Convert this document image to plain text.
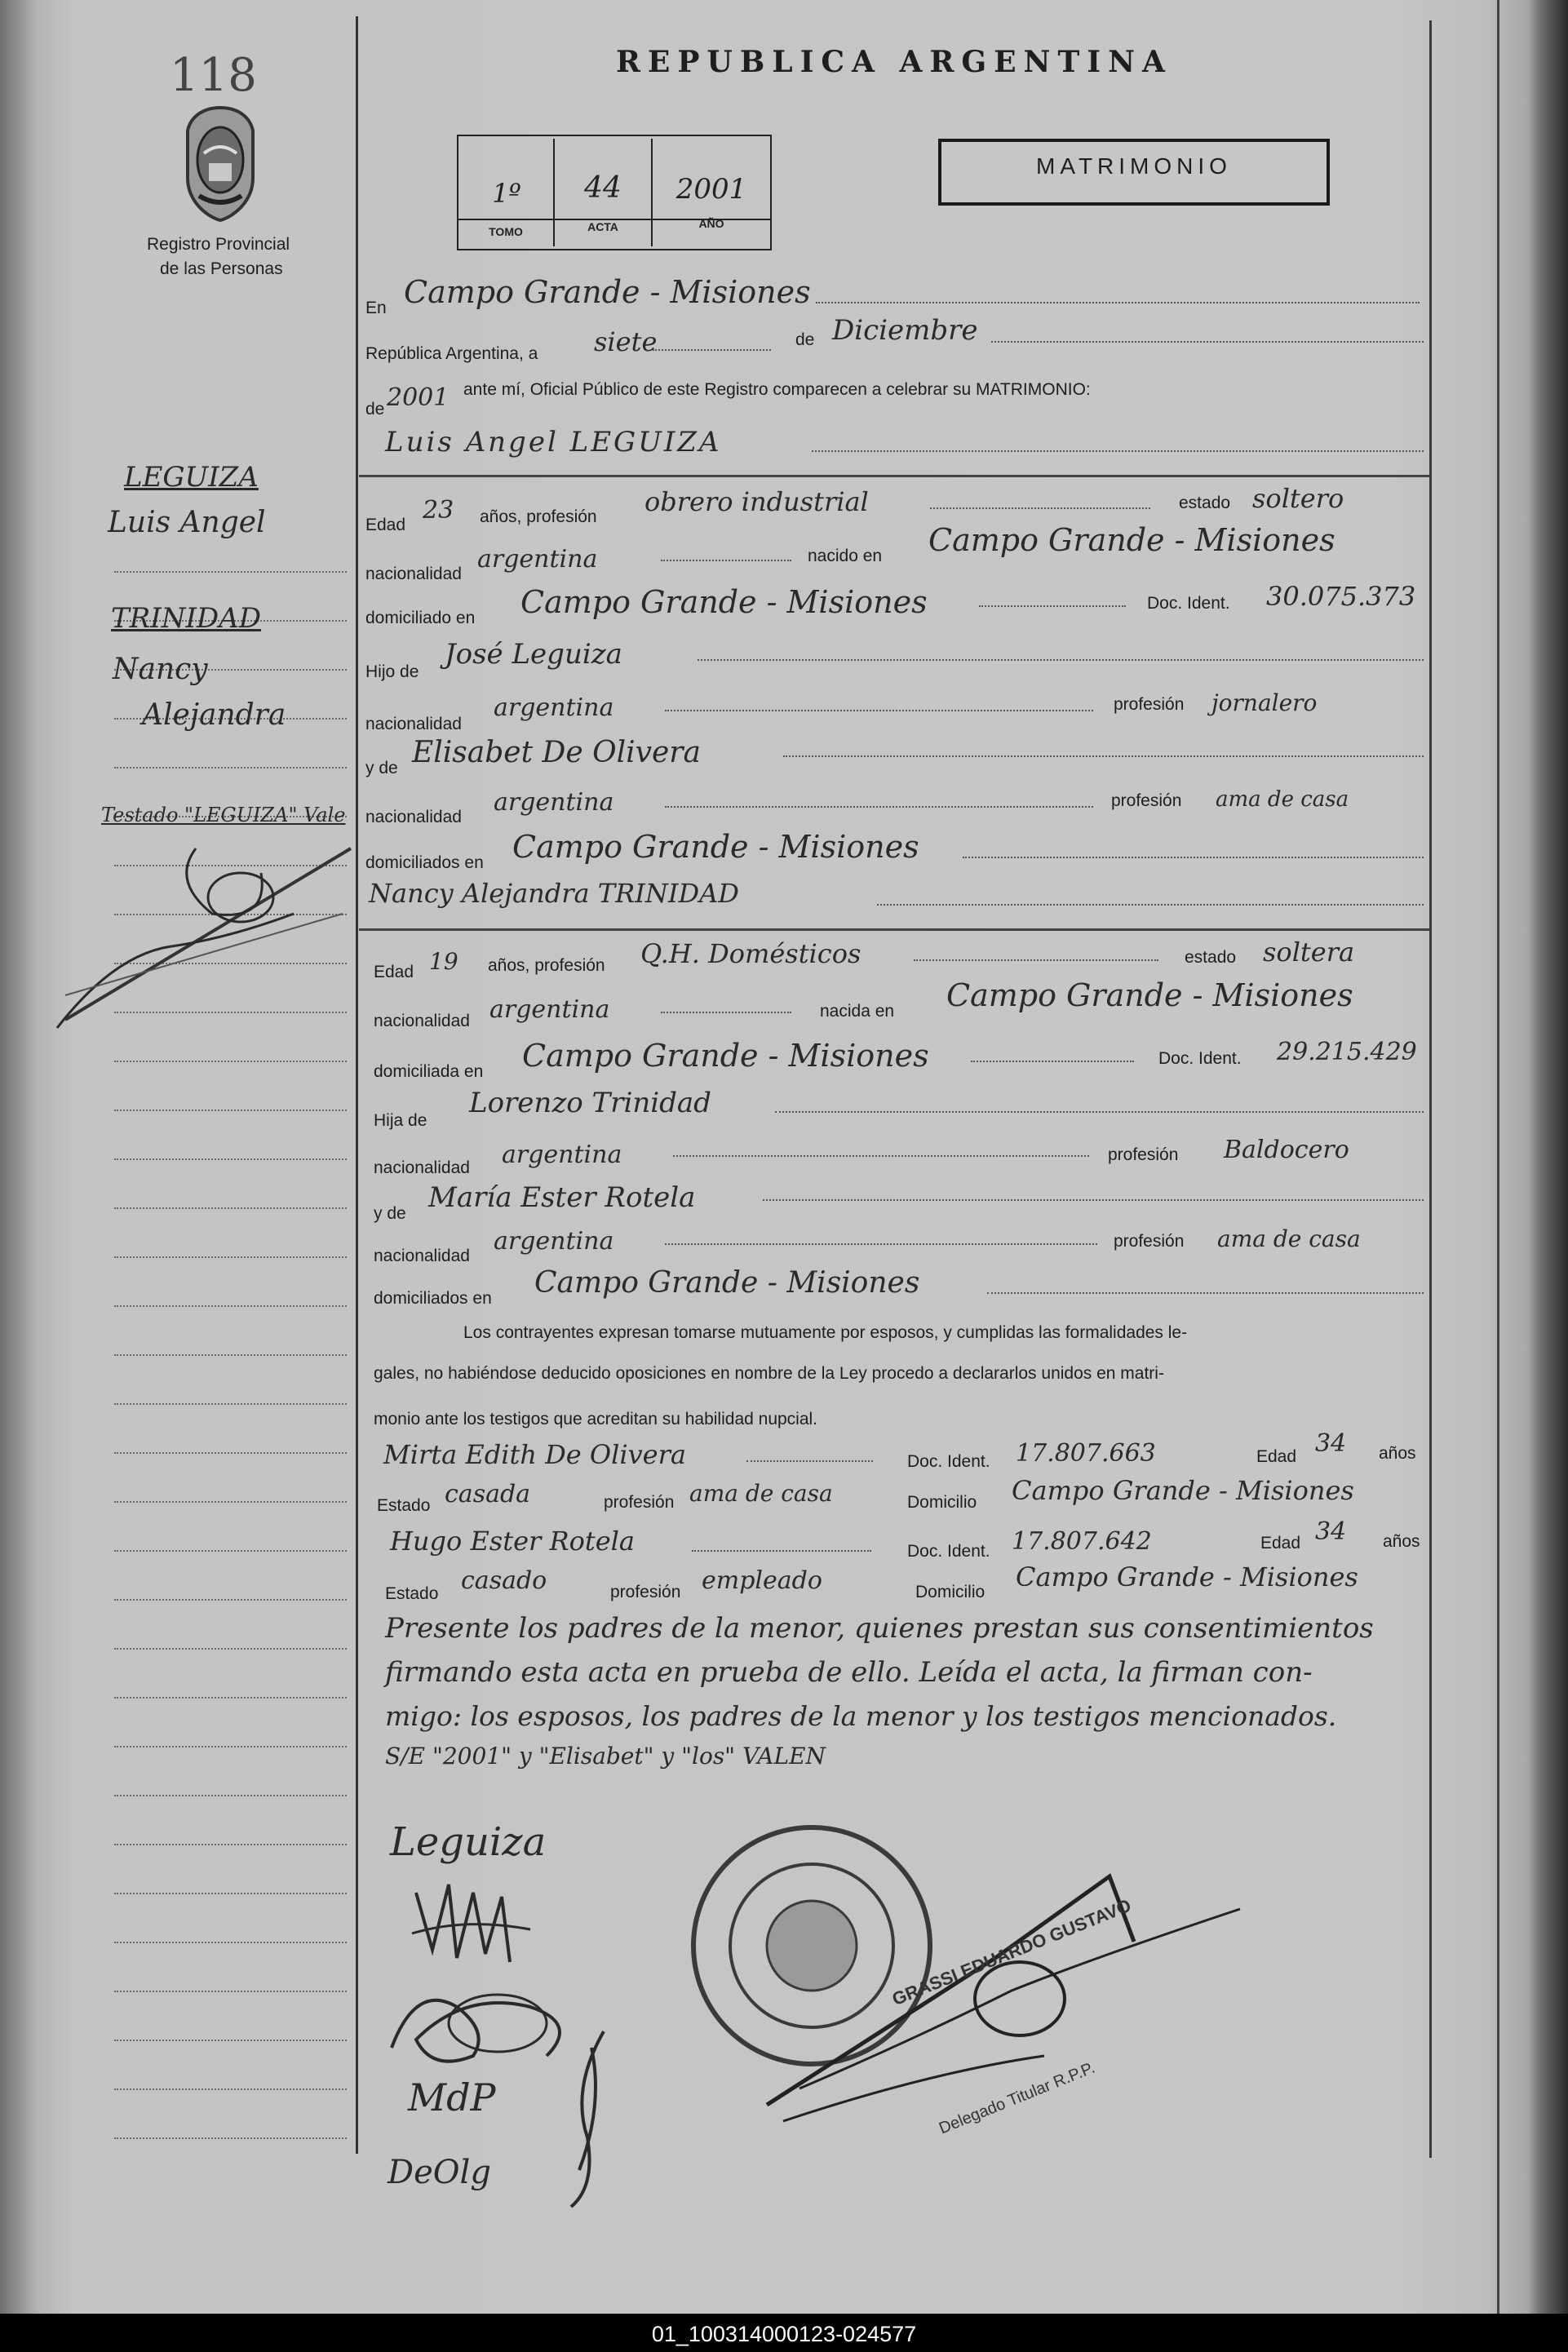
118
Registro Provincial
de las Personas
REPUBLICA ARGENTINA
MATRIMONIO
1º	44	2001
TOMO	ACTA	AÑO
En Campo Grande - Misiones
República Argentina, a siete	de Diciembre
de 2001 ante mí, Oficial Público de este Registro comparecen a celebrar su MATRIMONIO:
Luis Angel LEGUIZA
LEGUIZA
Luis Angel
TRINIDAD
Nancy
Alejandra
Testado "LEGUIZA" Vale
Edad
23 años, profesión obrero industrial	estado soltero
nacionalidad
argentina	nacido en Campo Grande - Misiones
domiciliado en Campo Grande - Misiones	Doc. Ident. 30.075.373
Hijo de
José Leguiza
nacionalidad
argentina	profesión jornalero
y de Elisabet De Olivera
nacionalidad
argentina	profesión ama de casa
domiciliados en Campo Grande - Misiones
Nancy Alejandra TRINIDAD
Edad 19 años, profesión Q.H. Domésticos	estado soltera
nacionalidad argentina	nacida en Campo Grande - Misiones
domiciliada en Campo Grande - Misiones	Doc. Ident. 29.215.429
Hija de
Lorenzo Trinidad
nacionalidad argentina	profesión Baldocero
y de María Ester Rotela
nacionalidad
argentina	profesión ama de casa
domiciliados en Campo Grande - Misiones
Los contrayentes expresan tomarse mutuamente por esposos, y cumplidas las formalidades le-
gales, no habiéndose deducido oposiciones en nombre de la Ley procedo a declararlos unidos en matri-
monio ante los testigos que acreditan su habilidad nupcial.
Mirta Edith De Olivera	Doc. Ident. 17.807.663	Edad 34 años
Estado casada	profesión ama de casa	Domicilio Campo Grande - Misiones
Hugo Ester Rotela	Doc. Ident. 17.807.642	Edad 34 años
Estado casado	profesión empleado	Domicilio Campo Grande - Misiones
Presente los padres de la menor, quienes prestan sus consentimientos
firmando esta acta en prueba de ello. Leída el acta, la firman con-
migo: los esposos, los padres de la menor y los testigos mencionados.
S/E "2001" y "Elisabet" y "los" VALEN
Leguiza
MdP
DeOlg
GRASSI EDUARDO GUSTAVO
Delegado Titular R.P.P.
01_100314000123-024577
